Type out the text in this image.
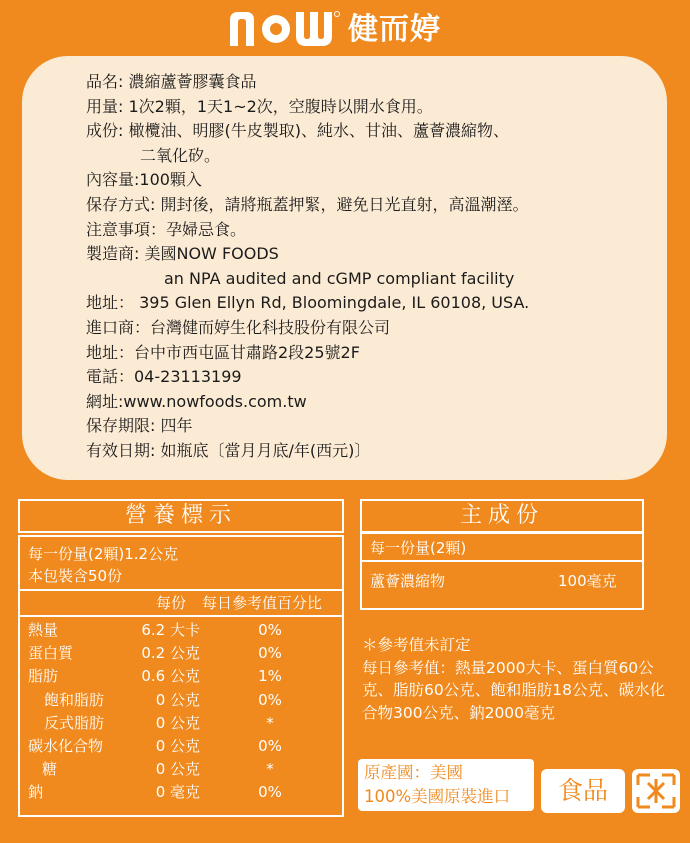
健而婷
品名: 濃縮蘆薈膠囊食品
用量: 1次2顆，1天1~2次，空腹時以開水食用。
成份: 橄欖油、明膠(牛皮製取)、純水、甘油、蘆薈濃縮物、
二氧化矽。
內容量:100顆入
保存方式: 開封後，請將瓶蓋押緊，避免日光直射，高溫潮溼。
注意事項：孕婦忌食。
製造商: 美國NOW FOODS
an NPA audited and cGMP compliant facility
地址： 395 Glen Ellyn Rd, Bloomingdale, IL 60108, USA.
進口商：台灣健而婷生化科技股份有限公司
地址：台中市西屯區甘肅路2段25號2F
電話：04-23113199
網址:www.nowfoods.com.tw
保存期限: 四年
有效日期: 如瓶底〔當月月底/年(西元)〕
營養標示
每一份量(2顆)1.2公克
本包裝含50份
每份 每日參考值百分比
熱量	6.2 大卡	0%
蛋白質	0.2 公克	0%
脂肪	0.6 公克	1%
飽和脂肪	0 公克	0%
反式脂肪	0 公克	*
碳水化合物	0 公克	0%
糖	0 公克	*
鈉	0 毫克	0%
主成份
每一份量(2顆)
蘆薈濃縮物	100毫克
＊參考值未訂定
每日參考值：熱量2000大卡、蛋白質60公克、脂肪60公克、飽和脂肪18公克、碳水化合物300公克、鈉2000毫克
原產國：美國
100%美國原裝進口	食品
